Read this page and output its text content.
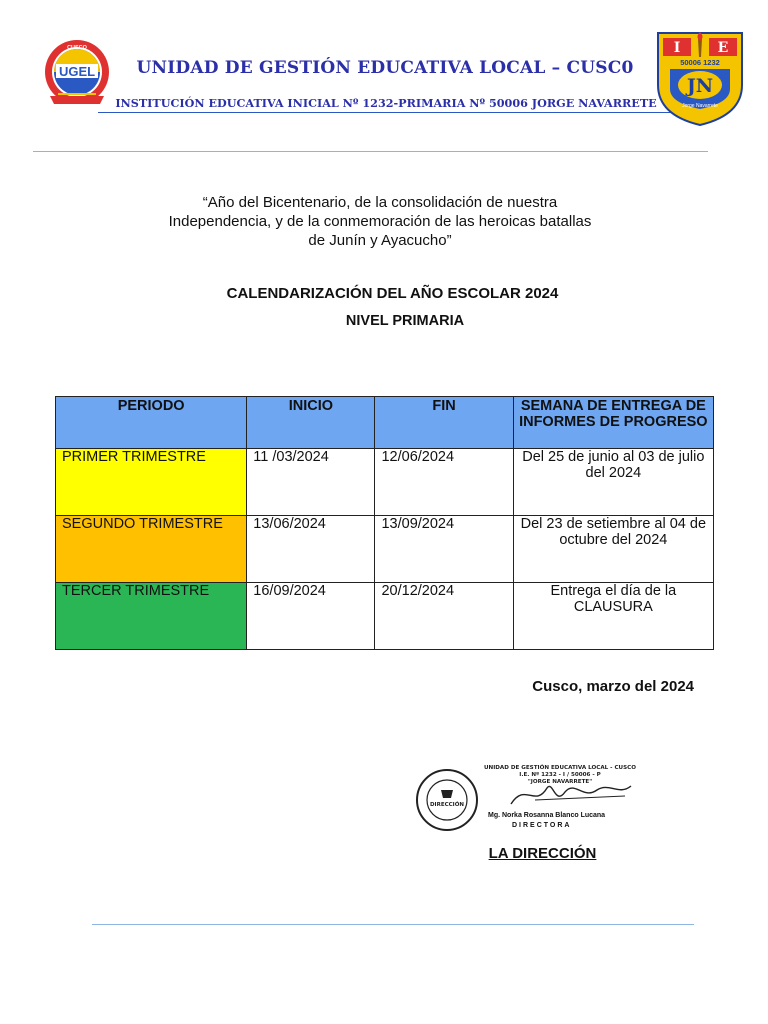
UGEL
CUSCO
UNIDAD DE GESTIÓN EDUCATIVA LOCAL – CUSC0
INSTITUCIÓN EDUCATIVA INICIAL Nº 1232-PRIMARIA Nº 50006 JORGE NAVARRETE
I	E
50006 1232
JN
Jorge Navarrete
“Año del Bicentenario, de la consolidación de nuestra Independencia, y de la conmemoración de las heroicas batallas de Junín y Ayacucho”
CALENDARIZACIÓN DEL AÑO ESCOLAR 2024
NIVEL PRIMARIA
PERIODO	INICIO	FIN	SEMANA DE ENTREGA DE INFORMES DE PROGRESO
PRIMER TRIMESTRE	11 /03/2024	12/06/2024	Del 25 de junio al 03 de julio del 2024
SEGUNDO TRIMESTRE	13/06/2024	13/09/2024	Del 23 de setiembre al 04 de octubre del 2024
TERCER TRIMESTRE	16/09/2024	20/12/2024	Entrega el día de la CLAUSURA
Cusco, marzo del 2024
DIRECCIÓN
UNIDAD DE GESTIÓN EDUCATIVA LOCAL - CUSCO
I.E. Nº 1232 - I / 50006 - P
"JORGE NAVARRETE"
Mg. Norka Rosanna Blanco Lucana
DIRECTORA
LA DIRECCIÓN
